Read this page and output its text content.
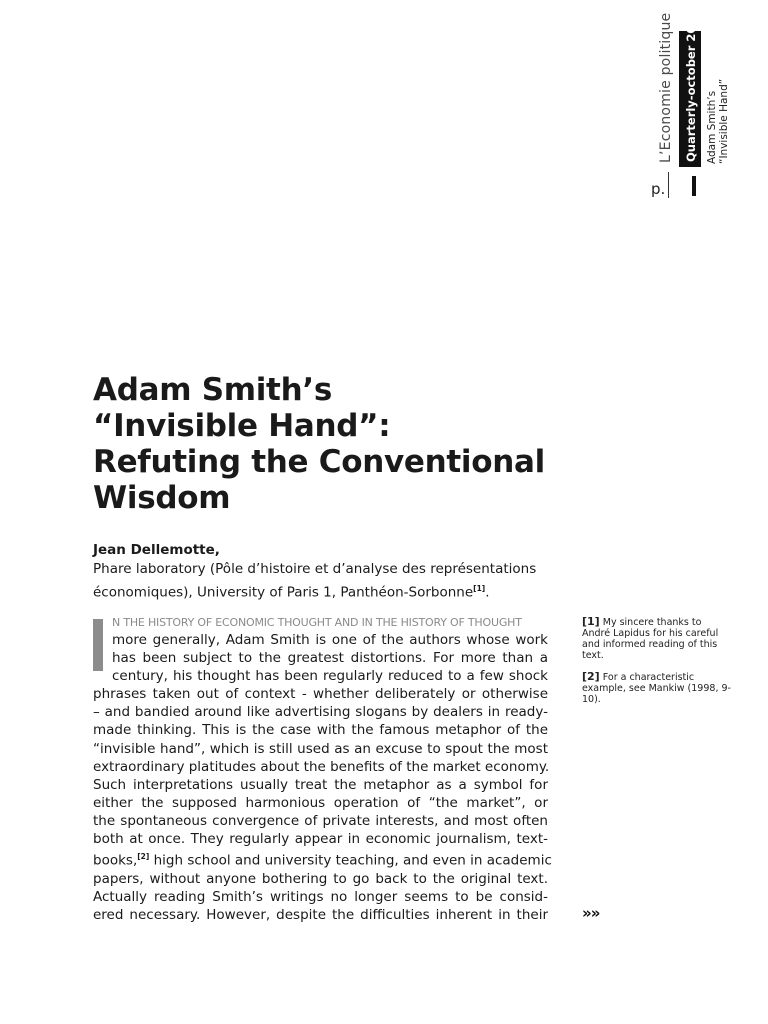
L’Economie politique Quarterly-october 2009 Adam Smith’s “Invisible Hand”
p.
Adam Smith’s
“Invisible Hand”:
Refuting the Conventional
Wisdom
Jean Dellemotte,
Phare laboratory (Pôle d’histoire et d’analyse des représentations
économiques), University of Paris 1, Panthéon-Sorbonne[1].
N THE HISTORY OF ECONOMIC THOUGHT AND IN THE HISTORY OF THOUGHT
more generally, Adam Smith is one of the authors whose work
has been subject to the greatest distortions. For more than a
century, his thought has been regularly reduced to a few shock
phrases taken out of context - whether deliberately or otherwise
– and bandied around like advertising slogans by dealers in ready-
made thinking. This is the case with the famous metaphor of the
“invisible hand”, which is still used as an excuse to spout the most
extraordinary platitudes about the benefits of the market economy.
Such interpretations usually treat the metaphor as a symbol for
either the supposed harmonious operation of “the market”, or
the spontaneous convergence of private interests, and most often
both at once. They regularly appear in economic journalism, text-
books,[2] high school and university teaching, and even in academic
papers, without anyone bothering to go back to the original text.
Actually reading Smith’s writings no longer seems to be consid-
ered necessary. However, despite the difficulties inherent in their
[1] My sincere thanks to André Lapidus for his careful and informed reading of this text.
[2] For a characteristic example, see Mankiw (1998, 9-10).
»»
